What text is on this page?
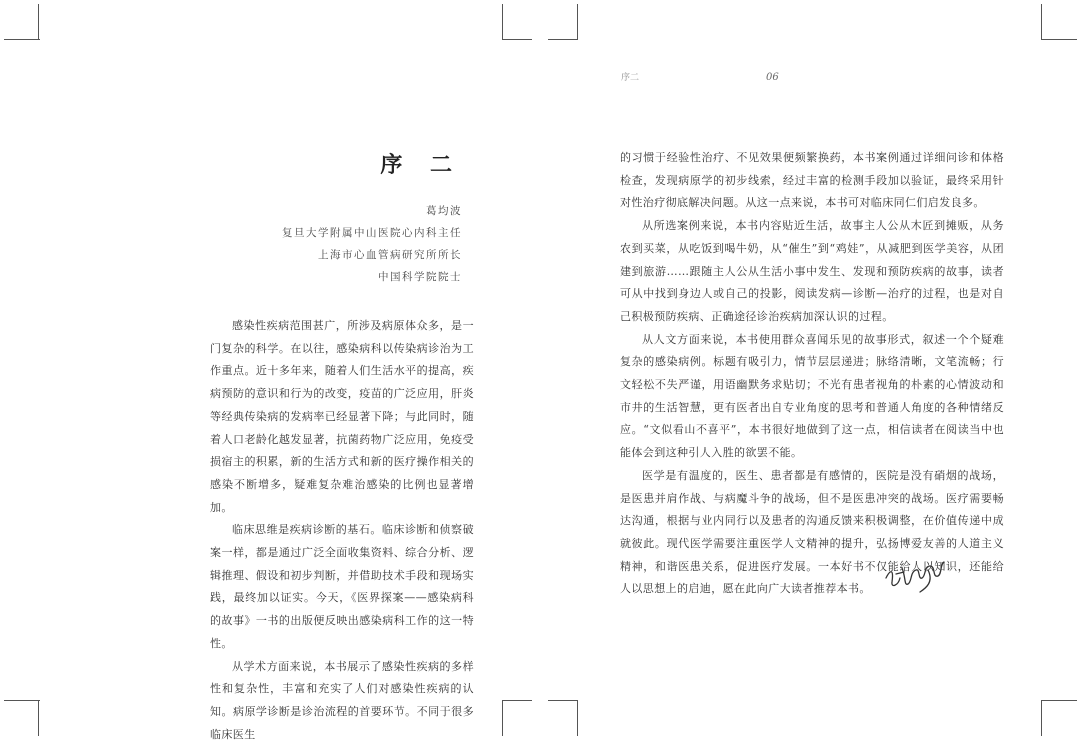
序 二
葛均波
复旦大学附属中山医院心内科主任
上海市心血管病研究所所长
中国科学院院士

感染性疾病范围甚广，所涉及病原体众多，是一门复杂的科学。在以往，感染病科以传染病诊治为工作重点。近十多年来，随着人们生活水平的提高，疾病预防的意识和行为的改变，疫苗的广泛应用，肝炎等经典传染病的发病率已经显著下降；与此同时，随着人口老龄化越发显著，抗菌药物广泛应用，免疫受损宿主的积累，新的生活方式和新的医疗操作相关的感染不断增多，疑难复杂难治感染的比例也显著增加。

临床思维是疾病诊断的基石。临床诊断和侦察破案一样，都是通过广泛全面收集资料、综合分析、逻辑推理、假设和初步判断，并借助技术手段和现场实践，最终加以证实。今天，《医界探案——感染病科的故事》一书的出版便反映出感染病科工作的这一特性。

从学术方面来说，本书展示了感染性疾病的多样性和复杂性，丰富和充实了人们对感染性疾病的认知。病原学诊断是诊治流程的首要环节。不同于很多临床医生

序二	06

的习惯于经验性治疗、不见效果便频繁换药，本书案例通过详细问诊和体格检查，发现病原学的初步线索，经过丰富的检测手段加以验证，最终采用针对性治疗彻底解决问题。从这一点来说，本书可对临床同仁们启发良多。

从所选案例来说，本书内容贴近生活，故事主人公从木匠到摊贩，从务农到买菜，从吃饭到喝牛奶，从“催生”到“鸡娃”，从减肥到医学美容，从团建到旅游……跟随主人公从生活小事中发生、发现和预防疾病的故事，读者可从中找到身边人或自己的投影，阅读发病—诊断—治疗的过程，也是对自己积极预防疾病、正确途径诊治疾病加深认识的过程。

从人文方面来说，本书使用群众喜闻乐见的故事形式，叙述一个个疑难复杂的感染病例。标题有吸引力，情节层层递进；脉络清晰，文笔流畅；行文轻松不失严谨，用语幽默务求贴切；不光有患者视角的朴素的心情波动和市井的生活智慧，更有医者出自专业角度的思考和普通人角度的各种情绪反应。“文似看山不喜平”，本书很好地做到了这一点，相信读者在阅读当中也能体会到这种引人入胜的欲罢不能。

医学是有温度的，医生、患者都是有感情的，医院是没有硝烟的战场，是医患并肩作战、与病魔斗争的战场，但不是医患冲突的战场。医疗需要畅达沟通，根据与业内同行以及患者的沟通反馈来积极调整，在价值传递中成就彼此。现代医学需要注重医学人文精神的提升，弘扬博爱友善的人道主义精神，和谐医患关系，促进医疗发展。一本好书不仅能给人以知识，还能给人以思想上的启迪，愿在此向广大读者推荐本书。
